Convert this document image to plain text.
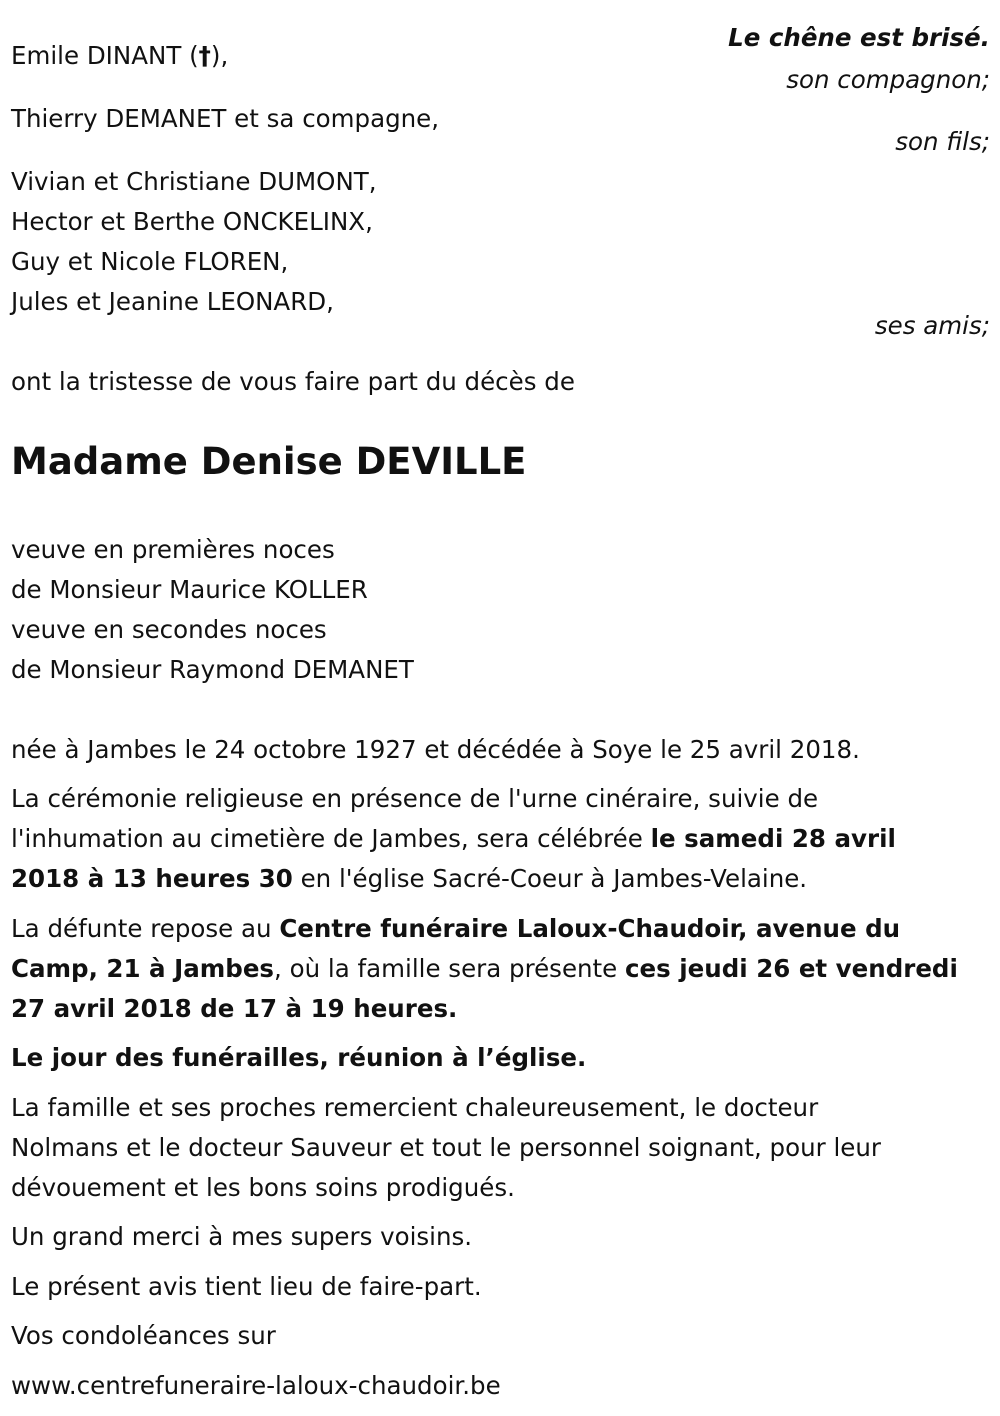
Le chêne est brisé.
Emile DINANT (†),
son compagnon;
Thierry DEMANET et sa compagne,
son fils;
Vivian et Christiane DUMONT,
Hector et Berthe ONCKELINX,
Guy et Nicole FLOREN,
Jules et Jeanine LEONARD,
ses amis;
ont la tristesse de vous faire part du décès de
Madame Denise DEVILLE
veuve en premières noces
de Monsieur Maurice KOLLER
veuve en secondes noces
de Monsieur Raymond DEMANET
née à Jambes le 24 octobre 1927 et décédée à Soye le 25 avril 2018.
La cérémonie religieuse en présence de l'urne cinéraire, suivie de
l'inhumation au cimetière de Jambes, sera célébrée le samedi 28 avril
2018 à 13 heures 30 en l'église Sacré-Coeur à Jambes-Velaine.
La défunte repose au Centre funéraire Laloux-Chaudoir, avenue du
Camp, 21 à Jambes, où la famille sera présente ces jeudi 26 et vendredi
27 avril 2018 de 17 à 19 heures.
Le jour des funérailles, réunion à l’église.
La famille et ses proches remercient chaleureusement, le docteur
Nolmans et le docteur Sauveur et tout le personnel soignant, pour leur
dévouement et les bons soins prodigués.
Un grand merci à mes supers voisins.
Le présent avis tient lieu de faire-part.
Vos condoléances sur
www.centrefuneraire-laloux-chaudoir.be
